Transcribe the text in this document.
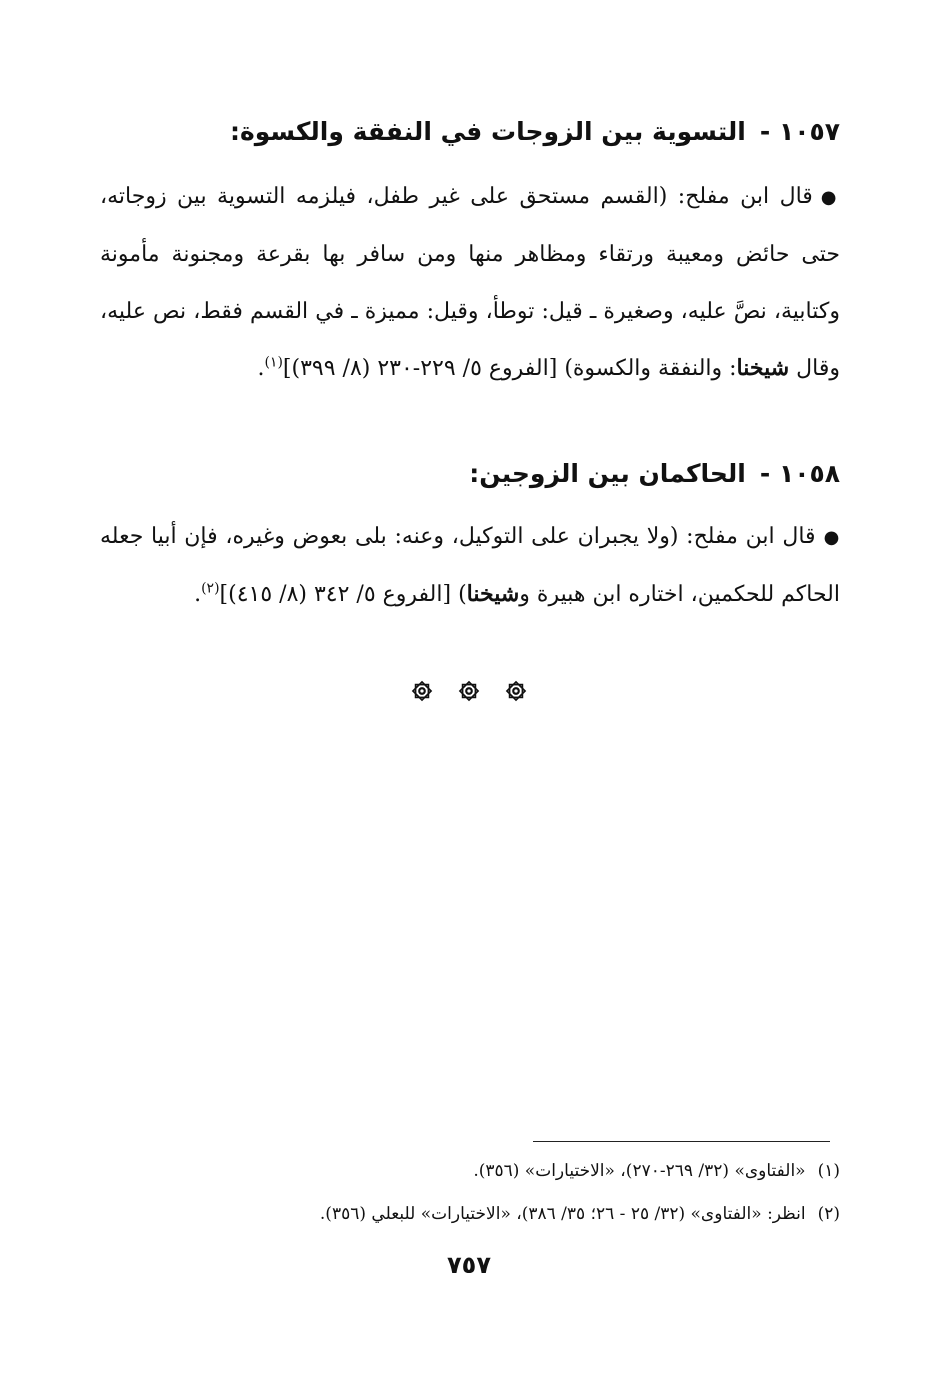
١٠٥٧ -التسوية بين الزوجات في النفقة والكسوة:
●قال ابن مفلح: (القسم مستحق على غير طفل، فيلزمه التسوية بين زوجاته، حتى حائض ومعيبة ورتقاء ومظاهر منها ومن سافر بها بقرعة ومجنونة مأمونة وكتابية، نصَّ عليه، وصغيرة ـ قيل: توطأ، وقيل: مميزة ـ في القسم فقط، نص عليه، وقال شيخنا: والنفقة والكسوة) [الفروع ٥/ ٢٢٩-٢٣٠ (٨/ ٣٩٩)]$^{(١)}$.
١٠٥٨ -الحاكمان بين الزوجين:
●قال ابن مفلح: (ولا يجبران على التوكيل، وعنه: بلى بعوض وغيره، فإن أبيا جعله الحاكم للحكمين، اختاره ابن هبيرة وشيخنا) [الفروع ٥/ ٣٤٢ (٨/ ٤١٥)]$^{(٢)}$.

(١)«الفتاوى» (٣٢/ ٢٦٩-٢٧٠)، «الاختيارات» (٣٥٦).
(٢)انظر: «الفتاوى» (٣٢/ ٢٥ - ٢٦؛ ٣٥/ ٣٨٦)، «الاختيارات» للبعلي (٣٥٦).
٧٥٧
